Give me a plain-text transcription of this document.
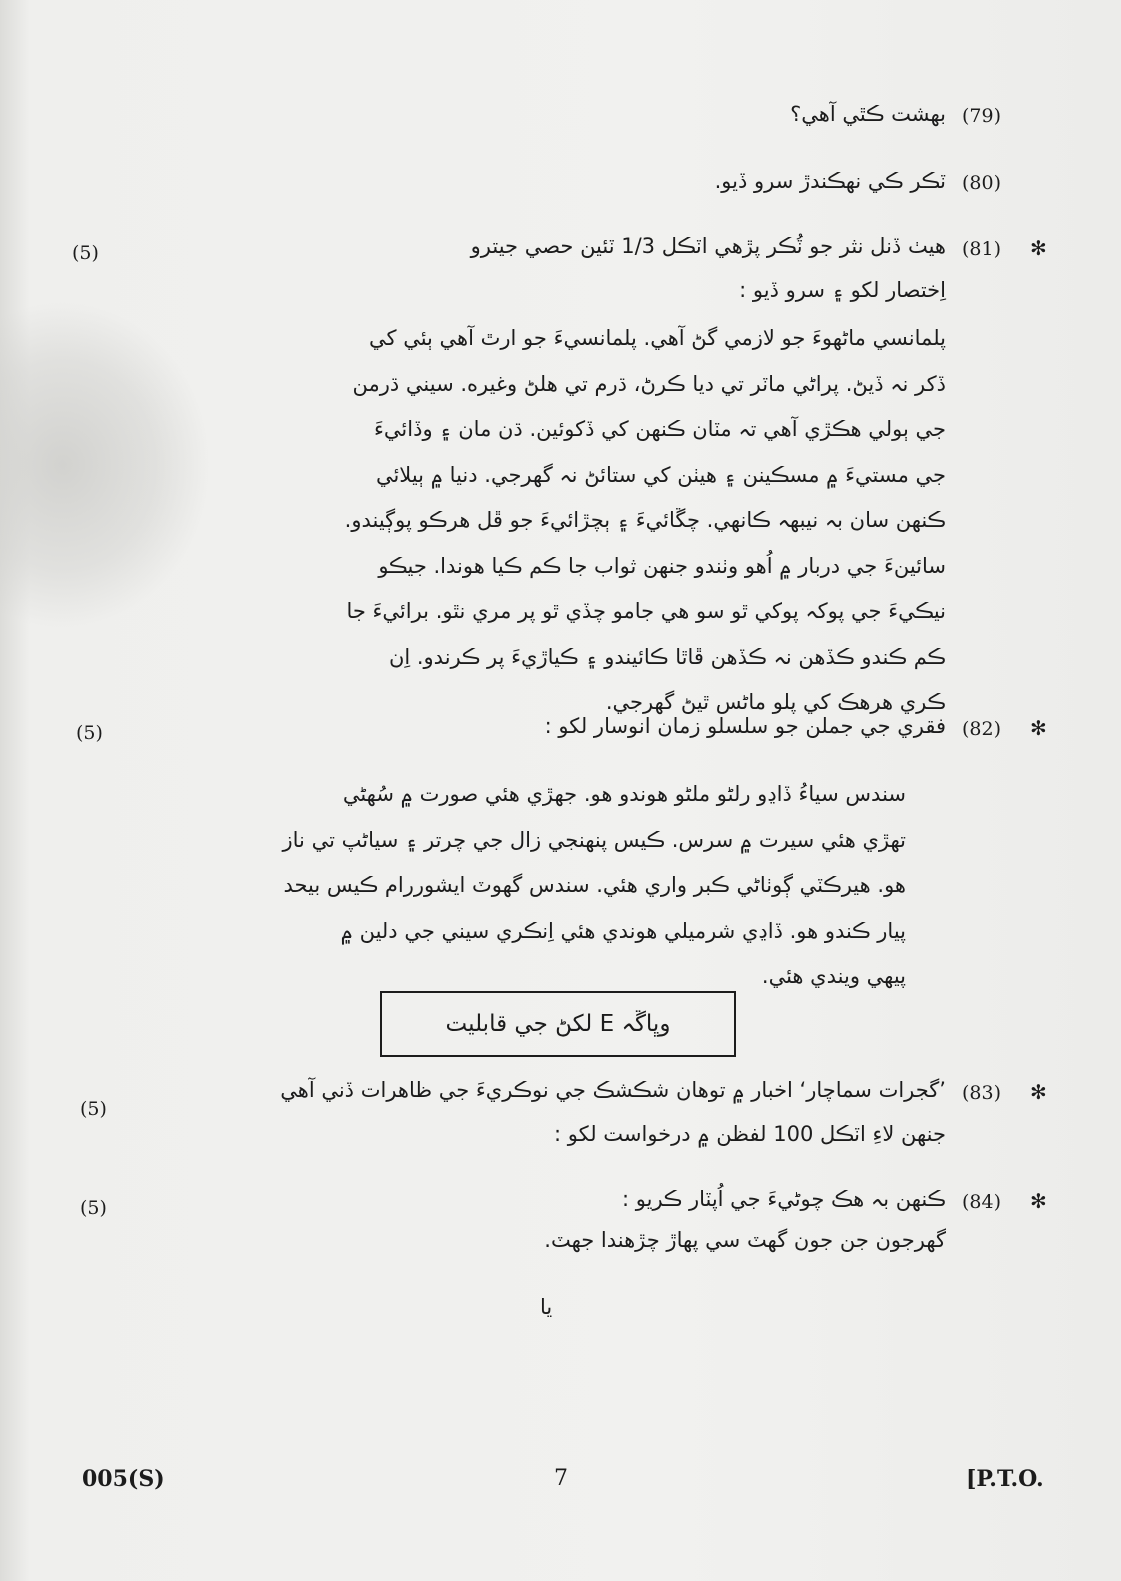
(79)
بهشت ڪٿي آهي؟
(80)
ٽڪر ڪي نهڪندڙ سرو ڏيو.
✻
(81)
(5)	هيٺ ڏنل نثر جو ٽُڪر پڙهي اٽڪل 1/3 ٽئين حصي جيترو
اِختصار لکو ۽ سرو ڏيو :
پلمانسي ماڻهوءَ جو لازمي گڻ آهي. پلمانسيءَ جو ارٿ آهي ٻئي کي
ڏکر نہ ڏيڻ. پراڻي ماٽر تي ديا ڪرڻ، ڌرم تي هلڻ وغيره. سيني ڌرمن
جي ٻولي هڪڙي آهي تہ مٽان ڪنهن کي ڏکوئين. ڌن مان ۽ وڏائيءَ
جي مستيءَ ۾ مسڪينن ۽ هيٺن کي ستائڻ نہ گهرجي. دنيا ۾ ٻيلائي
ڪنهن سان بہ نيبهہ ڪانهي. چڱائيءَ ۽ ٻچڙائيءَ جو ڦل هرڪو پوڳيندو.
سائينءَ جي دربار ۾ اُهو وٺندو جنهن ثواب جا ڪم ڪيا هوندا. جيڪو
نيڪيءَ جي پوکہ پوکي ٿو سو هي جامو چڏي ٿو پر مري نٿو. برائيءَ جا
ڪم ڪندو ڪڏهن نہ ڪڏهن ڦاٿا ڪائيندو ۽ ڪياڙيءَ پر ڪرندو. اِن
ڪري هرهڪ کي پلو ماڻس ٿيڻ گهرجي.
✻
(82)
(5)	فقري جي جملن جو سلسلو زمان انوسار لکو :
سندس سياءُ ڏاڍو رلڻو ملڻو هوندو هو. جهڙي هئي صورت ۾ سُهڻي
تهڙي هئي سيرت ۾ سرس. ڪيس پنهنجي زال جي چرتر ۽ سياڻپ تي ناز
هو. هيرڪٽي ڳوٺاڻي ڪبر واري هئي. سندس گهوٽ ايشوررام ڪيس بيحد
پيار ڪندو هو. ڏاڍي شرميلي هوندي هئي اِنڪري سيني جي دلين ۾
پيهي ويندي هئي.
وڀاڱہ E لکڻ جي قابليت
✻
(83)
(5)
’گجرات سماچار‘ اخبار ۾ توهان شڪشڪ جي نوڪريءَ جي ظاهرات ڏني آهي
جنهن لاءِ اٽڪل 100 لفظن ۾ درخواست لکو :
✻
(84)
(5)	ڪنهن بہ هڪ چوڻيءَ جي اُپٽار ڪريو :
گهرجون جن جون گهٽ سي پهاڙ چڙهندا جهٽ.
يا
005(S)	7	[P.T.O.
